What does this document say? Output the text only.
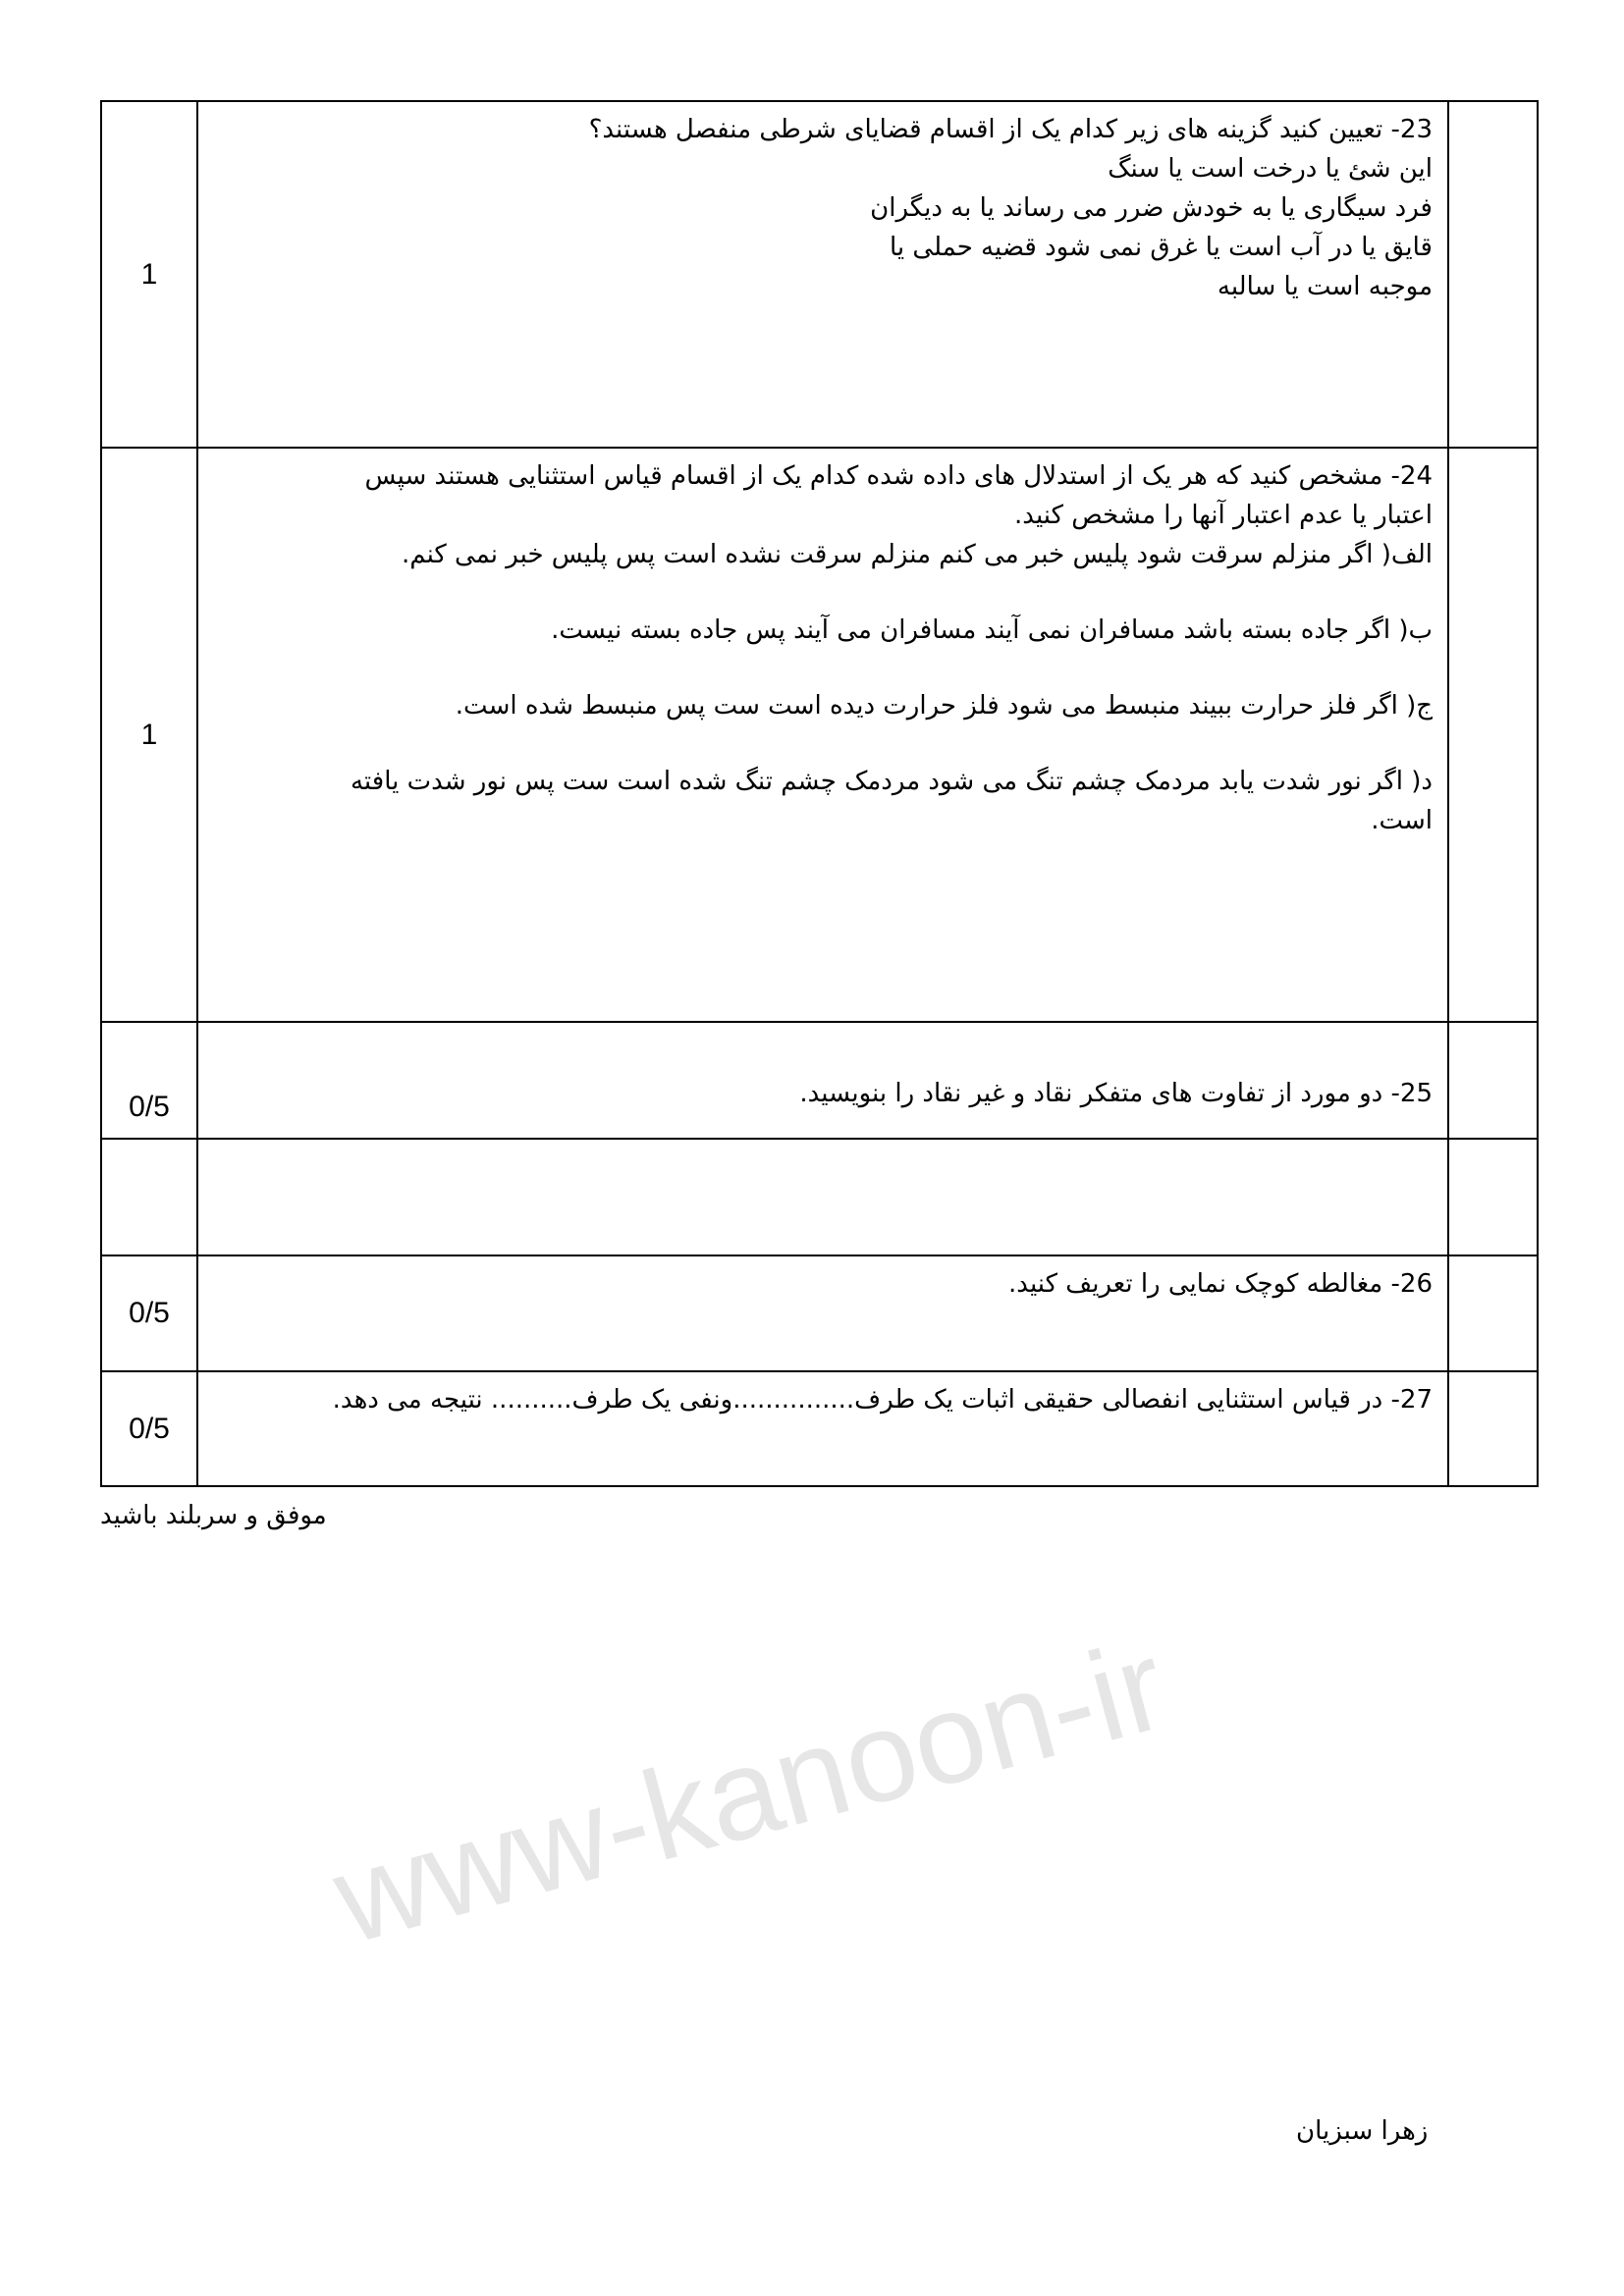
www-kanoon-ir
1
23- تعیین کنید گزینه های زیر کدام یک از اقسام قضایای شرطی منفصل هستند؟
این شئ یا درخت است یا سنگ
فرد سیگاری یا به خودش ضرر می رساند یا به دیگران
قایق یا در آب است یا غرق نمی شود قضیه حملی یا
موجبه است یا سالبه
1
24- مشخص کنید که هر یک از استدلال های داده شده کدام یک از اقسام قیاس استثنایی هستند سپس
اعتبار یا عدم اعتبار آنها را مشخص کنید.
الف( اگر منزلم سرقت شود پلیس خبر می کنم منزلم سرقت نشده است پس پلیس خبر نمی کنم.
ب( اگر جاده بسته باشد مسافران نمی آیند مسافران می آیند پس جاده بسته نیست.
ج( اگر فلز حرارت ببیند منبسط می شود فلز حرارت دیده است ست پس منبسط شده است.
د( اگر نور شدت یابد مردمک چشم تنگ می شود مردمک چشم تنگ شده است ست پس نور شدت یافته
است.
0/5	25- دو مورد از تفاوت های متفکر نقاد و غیر نقاد را بنویسید.
0/5
26- مغالطه کوچک نمایی را تعریف کنید.
0/5
27- در قیاس استثنایی انفصالی حقیقی اثبات یک طرف...............ونفی یک طرف.......... نتیجه می دهد.
موفق و سربلند باشید
زهرا سبزیان
